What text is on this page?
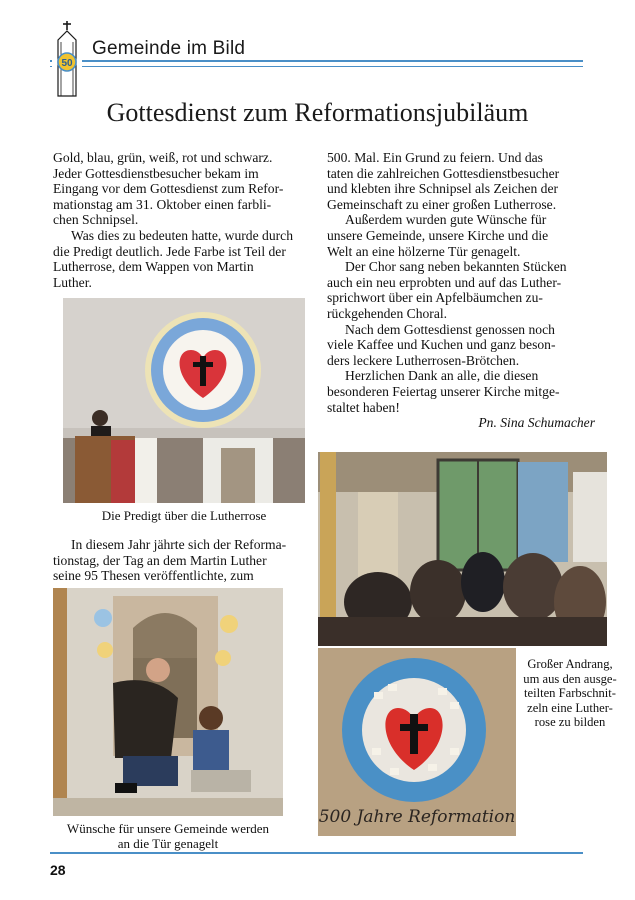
50
Gemeinde im Bild
Gottesdienst zum Reformationsjubiläum

Gold, blau, grün, weiß, rot und schwarz.

Jeder Gottesdienstbesucher bekam im

Eingang vor dem Gottesdienst zum Refor-

mationstag am 31. Oktober einen farbli-

chen Schnipsel.

Was dies zu bedeuten hatte, wurde durch

die Predigt deutlich. Jede Farbe ist Teil der

Lutherrose, dem Wappen von Martin

Luther.

Die Predigt über die Lutherrose

In diesem Jahr jährte sich der Reforma-

tionstag, der Tag an dem Martin Luther

seine 95 Thesen veröffentlichte, zum

Wünsche für unsere Gemeinde werden
an die Tür genagelt

500. Mal. Ein Grund zu feiern. Und das

taten die zahlreichen Gottesdienstbesucher

und klebten ihre Schnipsel als Zeichen der

Gemeinschaft zu einer großen Lutherrose.

Außerdem wurden gute Wünsche für

unsere Gemeinde, unsere Kirche und die

Welt an eine hölzerne Tür genagelt.

Der Chor sang neben bekannten Stücken

auch ein neu erprobten und auf das Luther-

sprichwort über ein Apfelbäumchen zu-

rückgehenden Choral.

Nach dem Gottesdienst genossen noch

viele Kaffee und Kuchen und ganz beson-

ders leckere Lutherrosen-Brötchen.

Herzlichen Dank an alle, die diesen

besonderen Feiertag unserer Kirche mitge-

staltet haben!

Pn. Sina Schumacher

500 Jahre Reformation
Großer Andrang,
um aus den ausge-
teilten Farbschnit-
zeln eine Luther-
rose zu bilden
28
